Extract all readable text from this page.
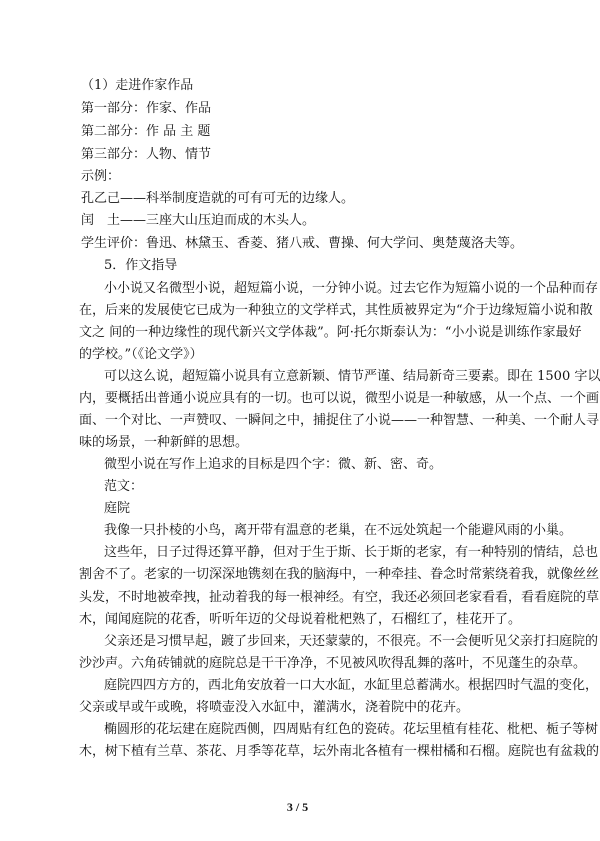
（1）走进作家作品
第一部分：作家、作品
第二部分：作 品 主 题
第三部分：人物、情节
示例：
孔乙己——科举制度造就的可有可无的边缘人。
闰　土——三座大山压迫而成的木头人。
学生评价：鲁迅、林黛玉、香菱、猪八戒、曹操、何大学问、奥楚蔑洛夫等。
5．作文指导
小小说又名微型小说，超短篇小说，一分钟小说。过去它作为短篇小说的一个品种而存
在，后来的发展使它已成为一种独立的文学样式，其性质被界定为“介于边缘短篇小说和散
文之 间的一种边缘性的现代新兴文学体裁”。阿·托尔斯泰认为：“小小说是训练作家最好
的学校。”（《论文学》）
可以这么说，超短篇小说具有立意新颖、情节严谨、结局新奇三要素。即在 1500 字以
内，要概括出普通小说应具有的一切。也可以说，微型小说是一种敏感，从一个点、一个画
面、一个对比、一声赞叹、一瞬间之中，捕捉住了小说——一种智慧、一种美、一个耐人寻
味的场景，一种新鲜的思想。
微型小说在写作上追求的目标是四个字：微、新、密、奇。
范文：
庭院
我像一只扑棱的小鸟，离开带有温意的老巢，在不远处筑起一个能避风雨的小巢。
这些年，日子过得还算平静，但对于生于斯、长于斯的老家，有一种特别的情结，总也
割舍不了。老家的一切深深地镌刻在我的脑海中，一种牵挂、眷念时常萦绕着我，就像丝丝
头发，不时地被牵拽，扯动着我的每一根神经。有空，我还必须回老家看看，看看庭院的草
木，闻闻庭院的花香，听听年迈的父母说着枇杷熟了，石榴红了，桂花开了。
父亲还是习惯早起，踱了步回来，天还蒙蒙的，不很亮。不一会便听见父亲打扫庭院的
沙沙声。六角砖铺就的庭院总是干干净净，不见被风吹得乱舞的落叶，不见蓬生的杂草。
庭院四四方方的，西北角安放着一口大水缸，水缸里总蓄满水。根据四时气温的变化，
父亲或早或午或晚，将喷壶没入水缸中，灌满水，浇着院中的花卉。
椭圆形的花坛建在庭院西侧，四周贴有红色的瓷砖。花坛里植有桂花、枇杷、栀子等树
木，树下植有兰草、茶花、月季等花草，坛外南北各植有一棵柑橘和石榴。庭院也有盆栽的
3 / 5
